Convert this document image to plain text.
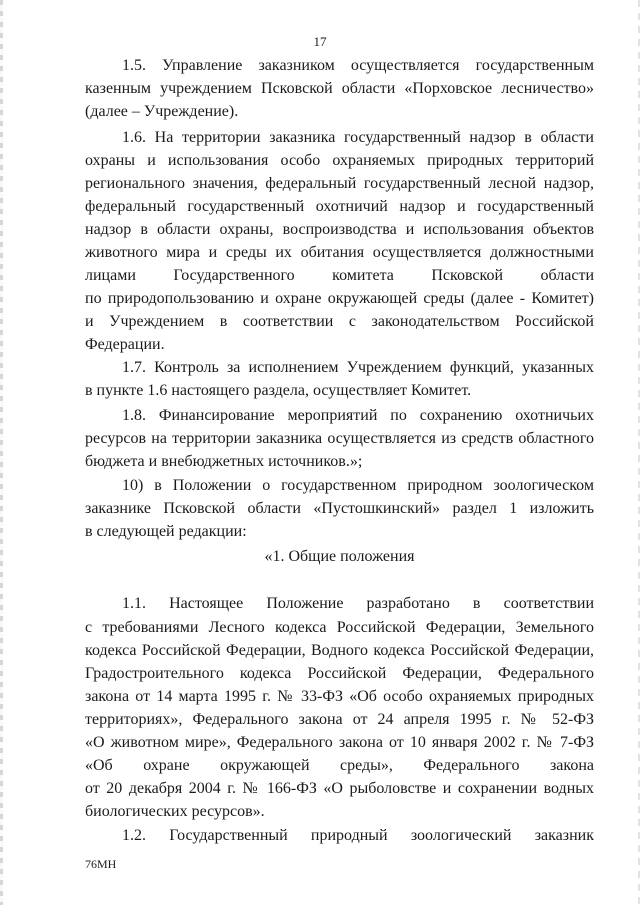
17
1.5. Управление заказником осуществляется государственным
казенным учреждением Псковской области «Порховское лесничество»
(далее – Учреждение).
1.6. На территории заказника государственный надзор в области
охраны и использования особо охраняемых природных территорий
регионального значения, федеральный государственный лесной надзор,
федеральный государственный охотничий надзор и государственный
надзор в области охраны, воспроизводства и использования объектов
животного мира и среды их обитания осуществляется должностными
лицами Государственного комитета Псковской области
по природопользованию и охране окружающей среды (далее - Комитет)
и Учреждением в соответствии с законодательством Российской
Федерации.
1.7. Контроль за исполнением Учреждением функций, указанных
в пункте 1.6 настоящего раздела, осуществляет Комитет.
1.8. Финансирование мероприятий по сохранению охотничьих
ресурсов на территории заказника осуществляется из средств областного
бюджета и внебюджетных источников.»;
10) в Положении о государственном природном зоологическом
заказнике Псковской области «Пустошкинский» раздел 1 изложить
в следующей редакции:
«1. Общие положения
1.1. Настоящее Положение разработано в соответствии
с требованиями Лесного кодекса Российской Федерации, Земельного
кодекса Российской Федерации, Водного кодекса Российской Федерации,
Градостроительного кодекса Российской Федерации, Федерального
закона от 14 марта 1995 г. № 33-ФЗ «Об особо охраняемых природных
территориях», Федерального закона от 24 апреля 1995 г. № 52-ФЗ
«О животном мире», Федерального закона от 10 января 2002 г. № 7-ФЗ
«Об охране окружающей среды», Федерального закона
от 20 декабря 2004 г. № 166-ФЗ «О рыболовстве и сохранении водных
биологических ресурсов».
1.2. Государственный природный зоологический заказник
76МН
